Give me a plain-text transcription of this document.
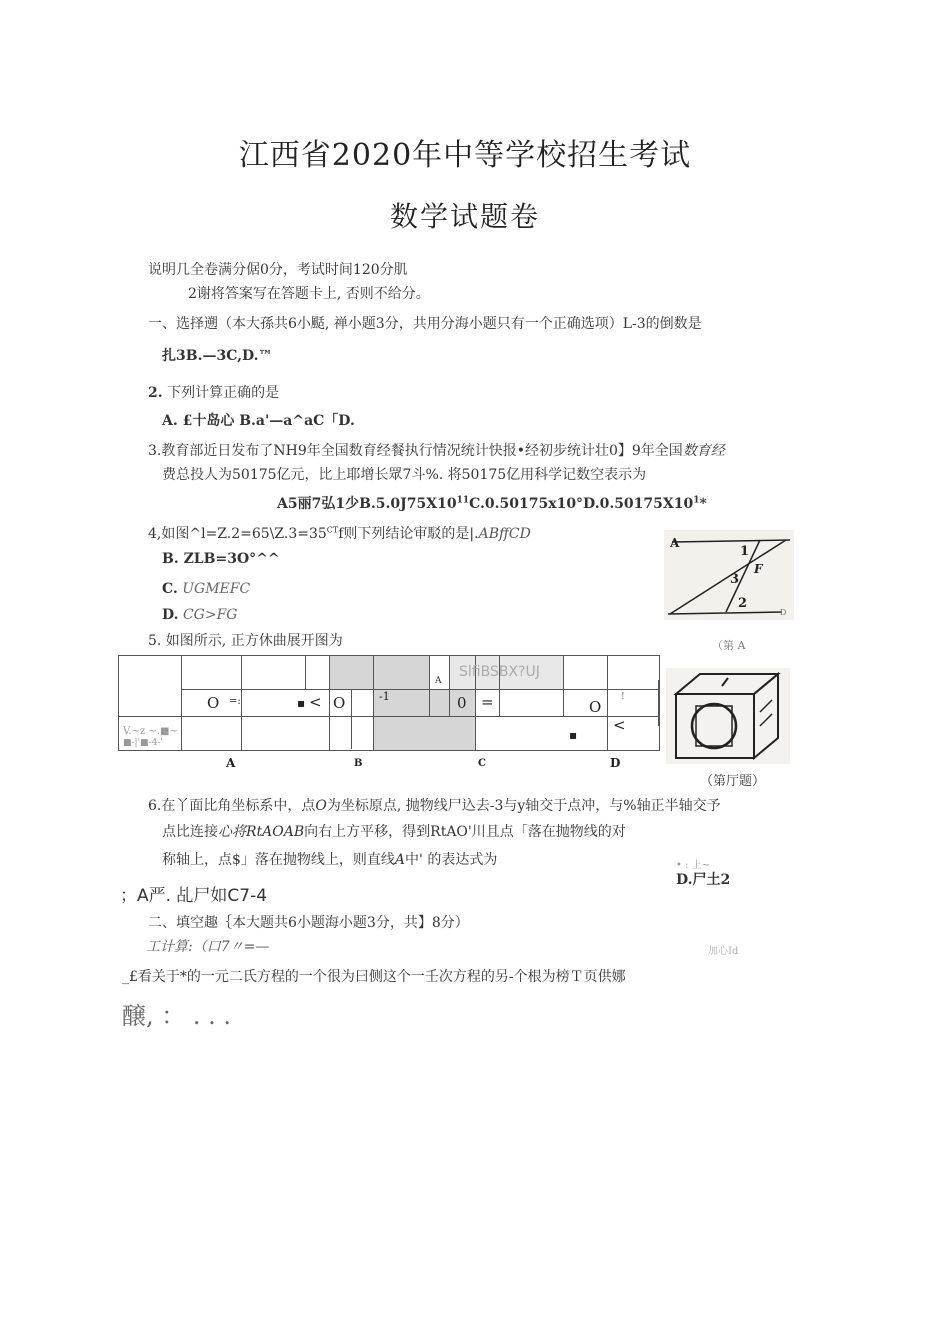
江西省2020年中等学校招生考试
数学试题卷
说明几全卷满分倨0分，考试时间120分肌
2谢将答案写在答题卡上, 否则不给分。
一、选择遡（本大孫共6小颳, 禅小题3分，共用分海小题只有一个正确选项）L-3的倒数是
扎3B.—3C,D.™
2. 下列计算正确的是
A. £十岛心 B.a'—a^aC「D.
3.教育部近日发布了NH9年全国数育经餐执行情况统计快报•经初步统计壮0】9年全国数育经
费总投人为50175亿元，比上耶增长眾7斗%. 将50175亿用科学记数空表示为
A5丽7弘1少$B.5.0J75X10^{11}C.0.50175x10^\circ D.0.50175X10^1*$
4,如图$\^{}l=Z.2=65\backslash Z.3=35^{CT}f$则下列结论审駁的是|.ABffCD
B. ZLB=3O°^^
C. UGMEFC
D. CG>FG
A
1
F
3
2
D
（第 A
5. 如图所示, 正方休曲展开图为
SlfiBSBX?UJ
A
O =:	< O	-1	0 =	O
<
!
V.~z ~.■~
■-|'■-4-'
▪
▪
A	B	C	D
（第厅题）
6.在丫面比角坐标系中，点O为坐标原点, 抛物线尸込去-3与y轴交于点冲，与%轴正半轴交予
点比连接心将RtAOAB向右上方平移，得到RtAO'川且点「落在抛物线的对
称轴上，点$」落在抛物线上，则直线A中' 的表达式为	• : 上~
D.尸土2
；A严. 乩尸如C7-4
二、填空趣｛本大题共6小题海小题3分，共】8分）
工计算:（口7〃=—	加心Id
_£看关于*的一元二氏方程的一个很为曰侧这个一壬次方程的另-个根为榜Ｔ页供娜
醸, ： . . .
